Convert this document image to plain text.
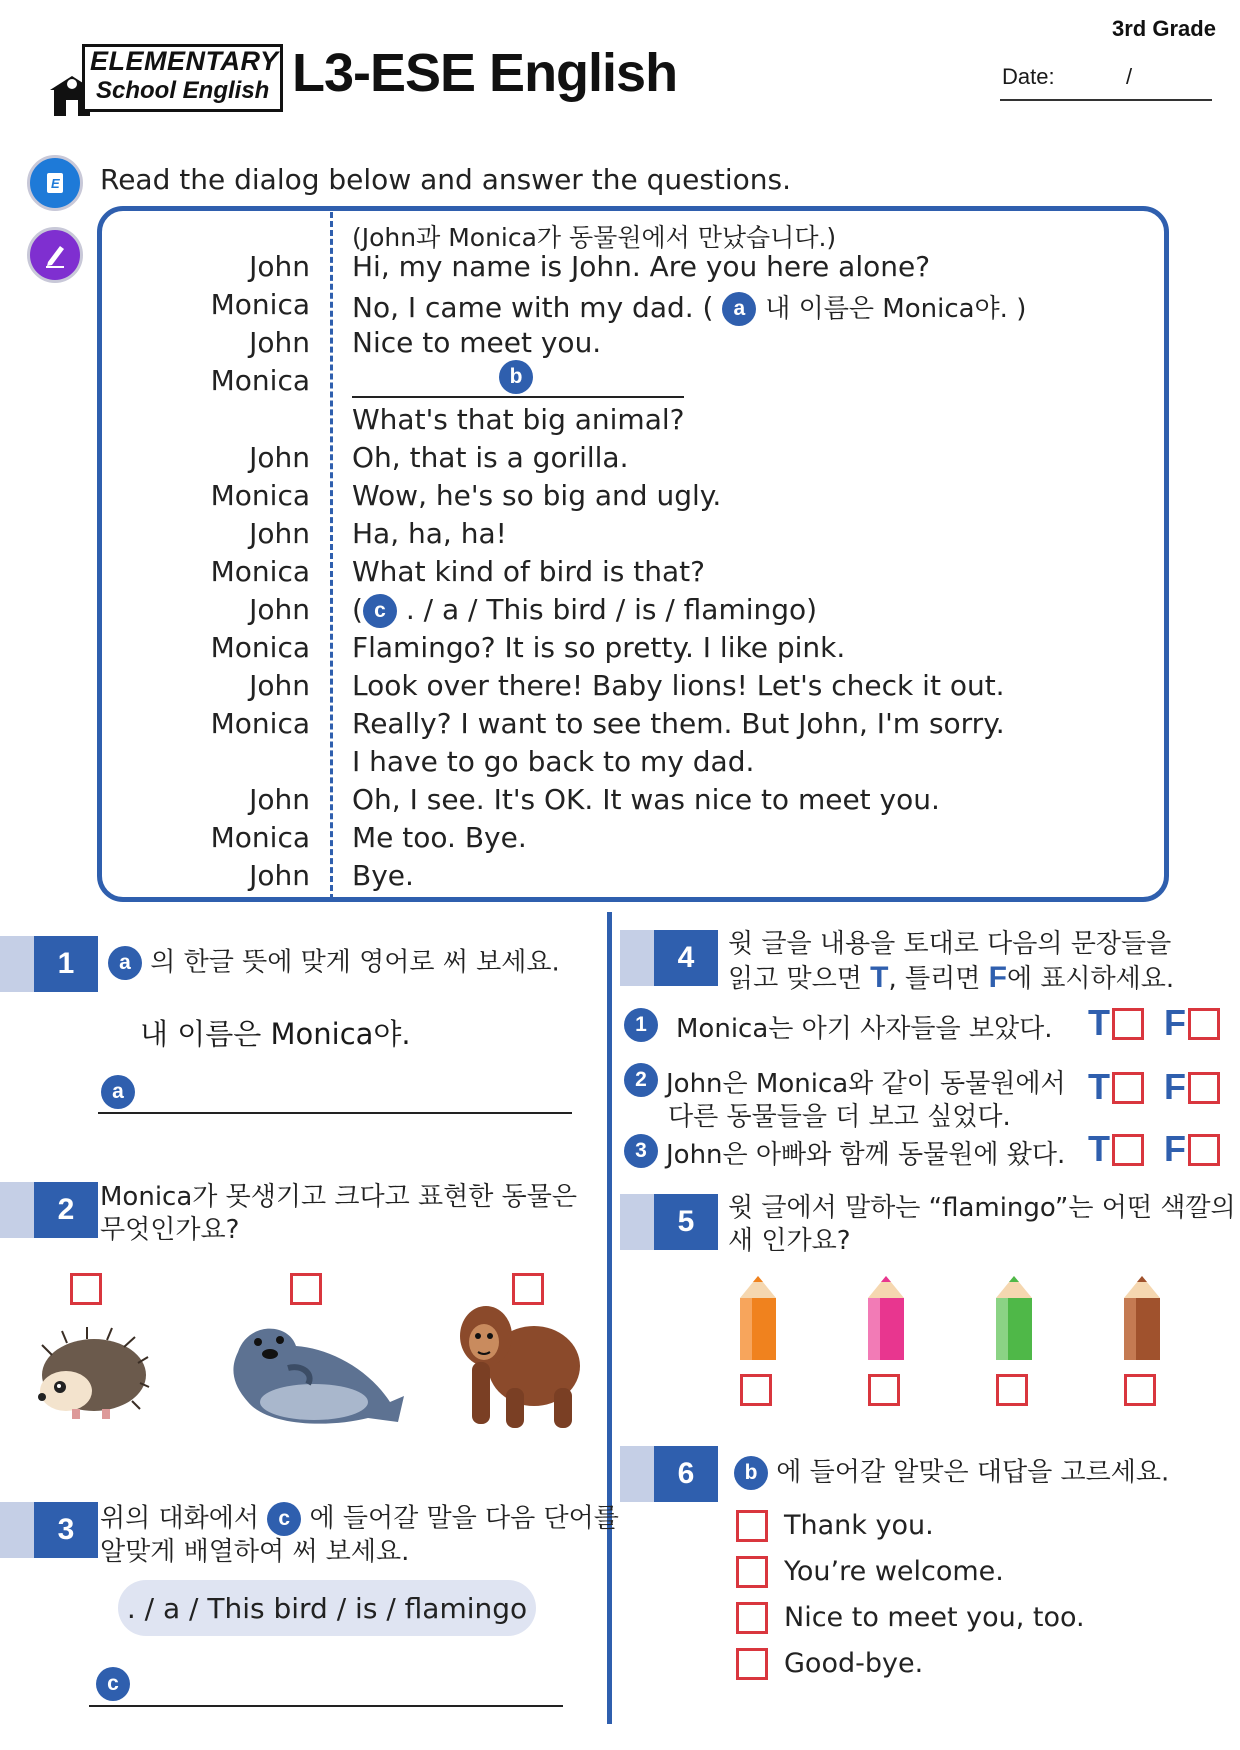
ELEMENTARY
School English L3-ESE English
3rd Grade
Date:	/
E Read the dialog below and answer the questions.
(John과 Monica가 동물원에서 만났습니다.)
John Hi, my name is John. Are you here alone?
Monica No, I came with my dad. ( a 내 이름은 Monica야. )
John Nice to meet you.
Monica	b
What's that big animal?
John Oh, that is a gorilla.
Monica Wow, he's so big and ugly.
John Ha, ha, ha!
Monica What kind of bird is that?
John ( c . / a / This bird / is / flamingo)
Monica Flamingo? It is so pretty. I like pink.
John Look over there! Baby lions! Let's check it out.
Monica Really? I want to see them. But John, I'm sorry.
I have to go back to my dad.
John Oh, I see. It's OK. It was nice to meet you.
Monica Me too. Bye.
John Bye.
1	a 의 한글 뜻에 맞게 영어로 써 보세요.
내 이름은 Monica야.
a
2 Monica가 못생기고 크다고 표현한 동물은
무엇인가요?
3 위의 대화에서 c 에 들어갈 말을 다음 단어를
알맞게 배열하여 써 보세요.
. / a / This bird / is / flamingo
c
4	윗 글을 내용을 토대로 다음의 문장들을
읽고 맞으면 T, 틀리면 F에 표시하세요.
1	Monica는 아기 사자들을 보았다. T F
2 John은 Monica와 같이 동물원에서
다른 동물들을 더 보고 싶었다.
T F
3 John은 아빠와 함께 동물원에 왔다. T F
5	윗 글에서 말하는 “flamingo”는 어떤 색깔의
새 인가요?
6	b 에 들어갈 알맞은 대답을 고르세요.
Thank you.
You’re welcome.
Nice to meet you, too.
Good-bye.
